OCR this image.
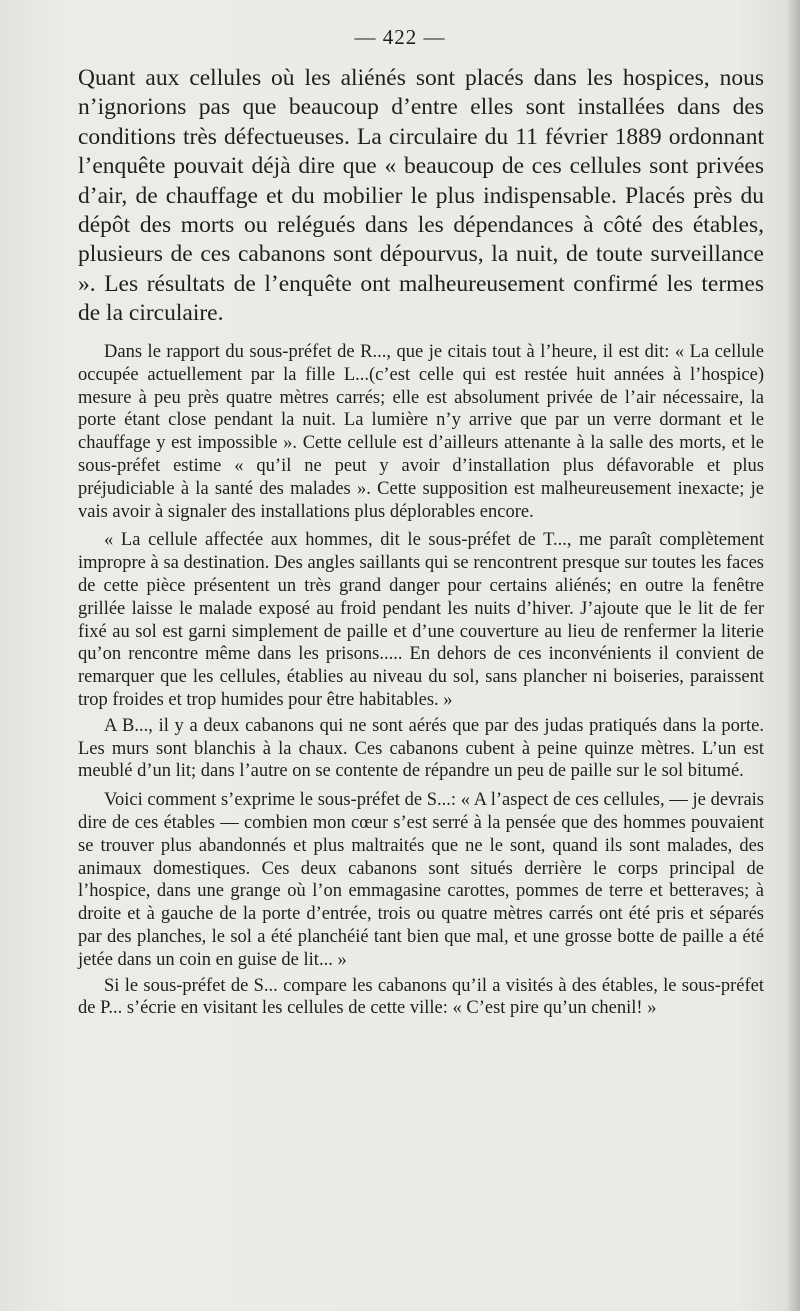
— 422 —

Quant aux cellules où les aliénés sont placés dans les hospices, nous n’ignorions pas que beaucoup d’entre elles sont installées dans des conditions très défectueuses. La circulaire du 11 février 1889 ordonnant l’enquête pouvait déjà dire que « beaucoup de ces cellules sont privées d’air, de chauffage et du mobilier le plus indispensable. Placés près du dépôt des morts ou relégués dans les dépendances à côté des étables, plusieurs de ces cabanons sont dépourvus, la nuit, de toute surveillance ». Les résultats de l’enquête ont malheureusement confirmé les termes de la circulaire.

Dans le rapport du sous-préfet de R..., que je citais tout à l’heure, il est dit: « La cellule occupée actuellement par la fille L...(c’est celle qui est restée huit années à l’hospice) mesure à peu près quatre mètres carrés; elle est absolument privée de l’air nécessaire, la porte étant close pendant la nuit. La lumière n’y arrive que par un verre dormant et le chauffage y est impossible ». Cette cellule est d’ailleurs attenante à la salle des morts, et le sous-préfet estime « qu’il ne peut y avoir d’installation plus défavorable et plus préjudiciable à la santé des malades ». Cette supposition est malheureusement inexacte; je vais avoir à signaler des installations plus déplorables encore.

« La cellule affectée aux hommes, dit le sous-préfet de T..., me paraît complètement impropre à sa destination. Des angles saillants qui se rencontrent presque sur toutes les faces de cette pièce présentent un très grand danger pour certains aliénés; en outre la fenêtre grillée laisse le malade exposé au froid pendant les nuits d’hiver. J’ajoute que le lit de fer fixé au sol est garni simplement de paille et d’une couverture au lieu de renfermer la literie qu’on rencontre même dans les prisons..... En dehors de ces inconvénients il convient de remarquer que les cellules, établies au niveau du sol, sans plancher ni boiseries, paraissent trop froides et trop humides pour être habitables. »

A B..., il y a deux cabanons qui ne sont aérés que par des judas pratiqués dans la porte. Les murs sont blanchis à la chaux. Ces cabanons cubent à peine quinze mètres. L’un est meublé d’un lit; dans l’autre on se contente de répandre un peu de paille sur le sol bitumé.

Voici comment s’exprime le sous-préfet de S...: « A l’aspect de ces cellules, — je devrais dire de ces étables — combien mon cœur s’est serré à la pensée que des hommes pouvaient se trouver plus abandonnés et plus maltraités que ne le sont, quand ils sont malades, des animaux domestiques. Ces deux cabanons sont situés derrière le corps principal de l’hospice, dans une grange où l’on emmagasine carottes, pommes de terre et betteraves; à droite et à gauche de la porte d’entrée, trois ou quatre mètres carrés ont été pris et séparés par des planches, le sol a été planchéié tant bien que mal, et une grosse botte de paille a été jetée dans un coin en guise de lit... »

Si le sous-préfet de S... compare les cabanons qu’il a visités à des étables, le sous-préfet de P... s’écrie en visitant les cellules de cette ville: « C’est pire qu’un chenil! »
